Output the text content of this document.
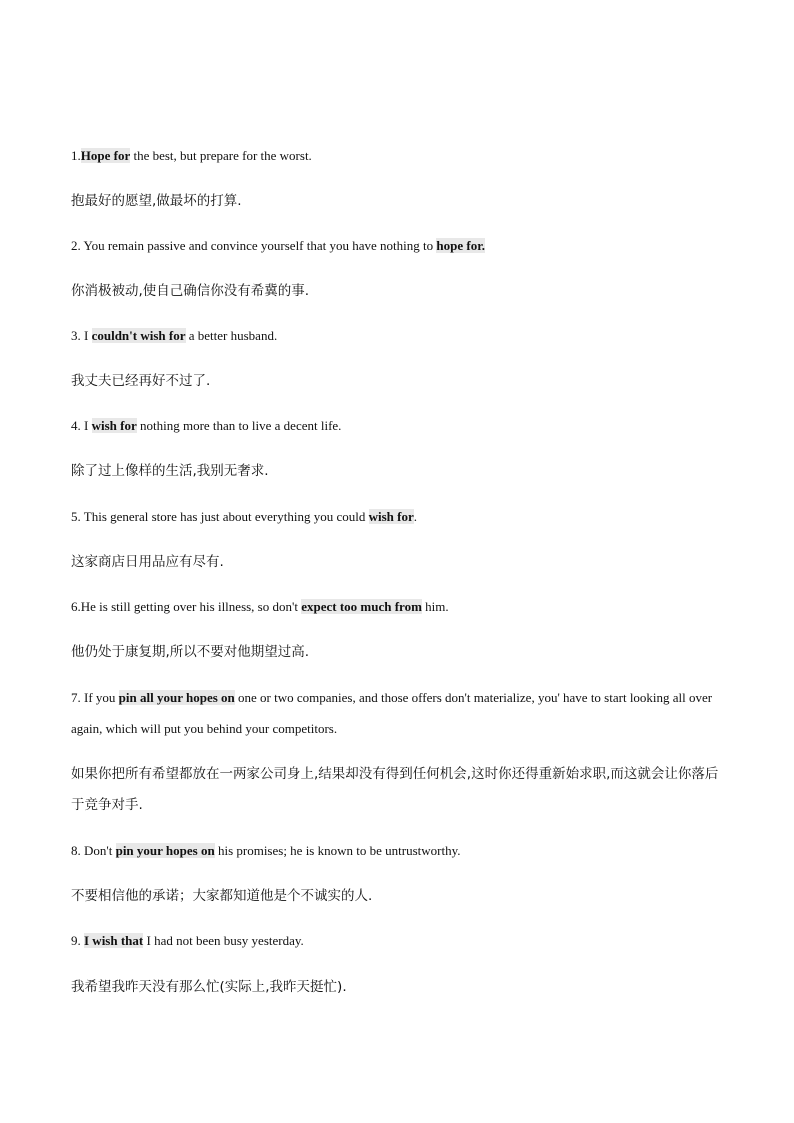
1.Hope for the best, but prepare for the worst.
抱最好的愿望,做最坏的打算.
2. You remain passive and convince yourself that you have nothing to hope for.
你消极被动,使自己确信你没有希冀的事.
3. I couldn't wish for a better husband.
我丈夫已经再好不过了.
4. I wish for nothing more than to live a decent life.
除了过上像样的生活,我别无奢求.
5. This general store has just about everything you could wish for.
这家商店日用品应有尽有.
6.He is still getting over his illness, so don't expect too much from him.
他仍处于康复期,所以不要对他期望过高.
7. If you pin all your hopes on one or two companies, and those offers don't materialize, you' have to start looking all over again, which will put you behind your competitors.
如果你把所有希望都放在一两家公司身上,结果却没有得到任何机会,这时你还得重新始求职,而这就会让你落后于竞争对手.
8. Don't pin your hopes on his promises; he is known to be untrustworthy.
不要相信他的承诺；大家都知道他是个不诚实的人.
9. I wish that I had not been busy yesterday.
我希望我昨天没有那么忙(实际上,我昨天挺忙).
